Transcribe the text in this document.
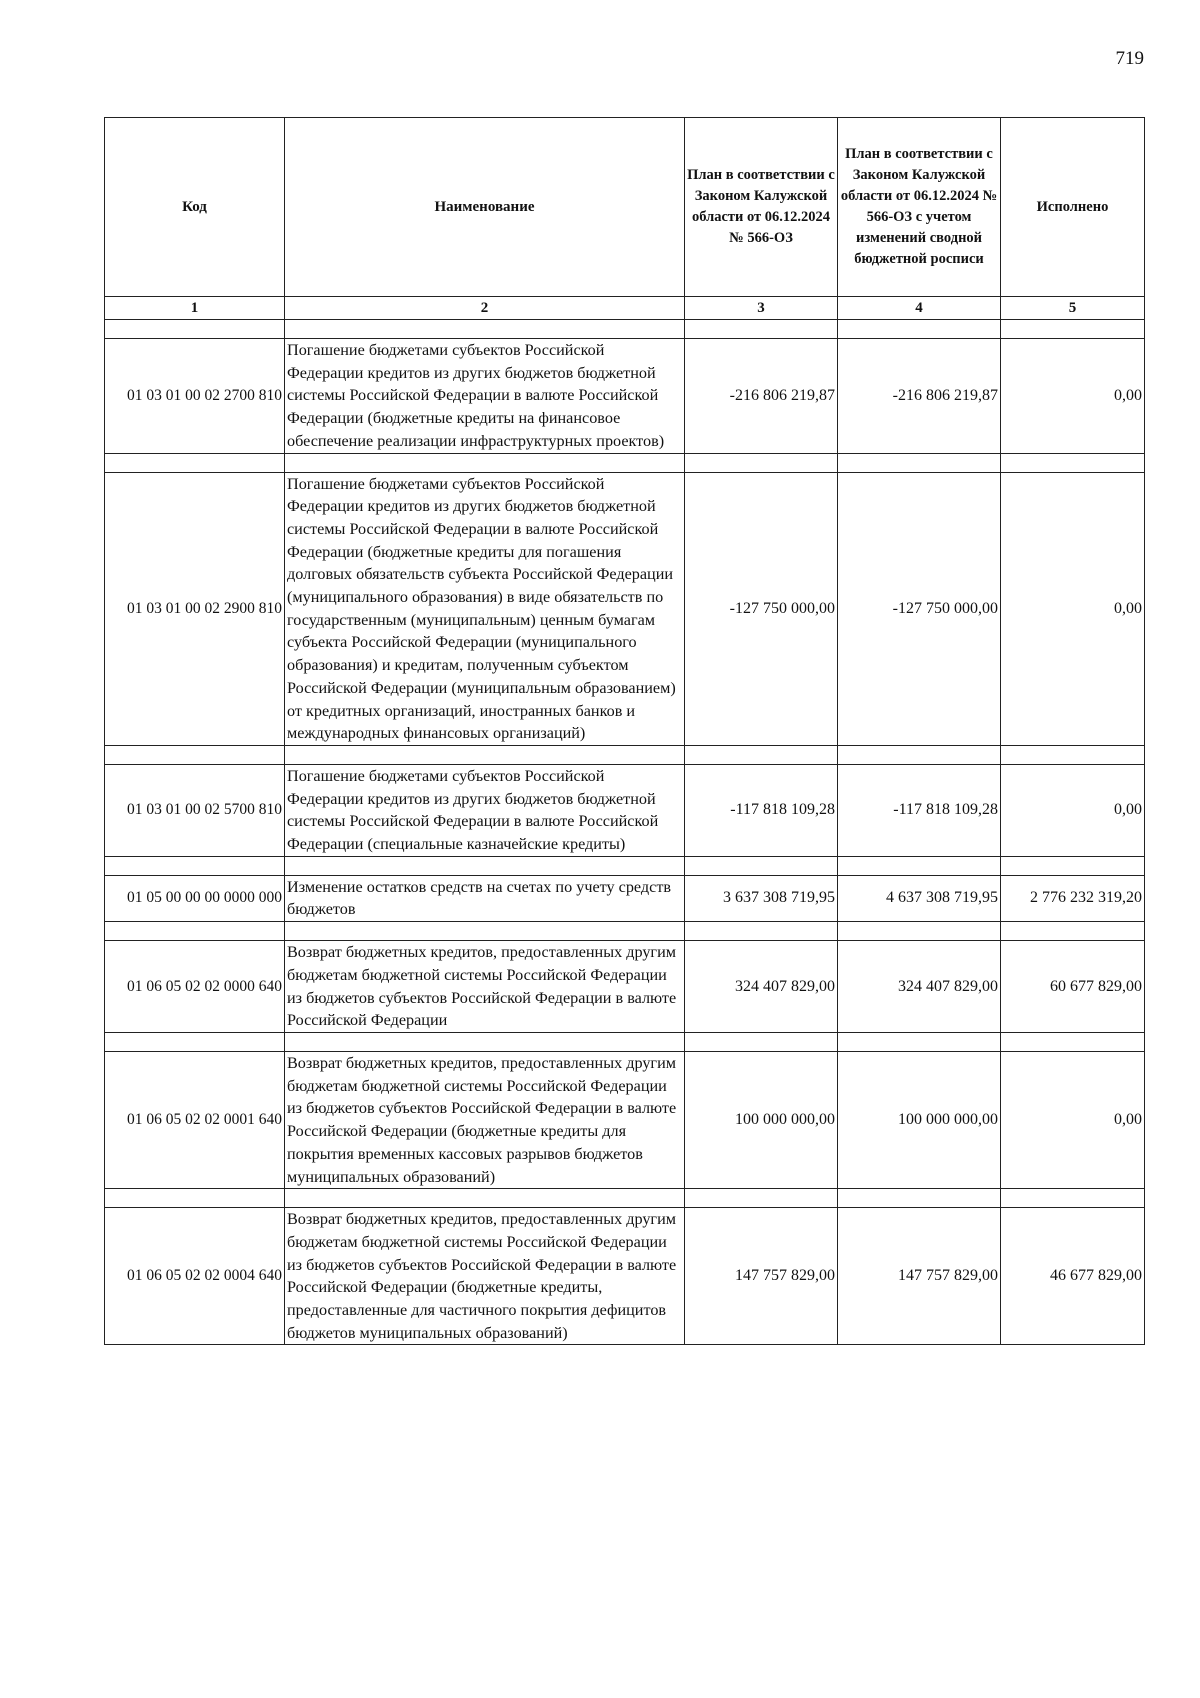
719
Код	Наименование	План в соответствии с Законом Калужской области от 06.12.2024 № 566-ОЗ	План в соответствии с Законом Калужской области от 06.12.2024 № 566-ОЗ с учетом изменений сводной бюджетной росписи	Исполнено
1	2	3	4	5

01 03 01 00 02 2700 810	Погашение бюджетами субъектов Российской Федерации кредитов из других бюджетов бюджетной системы Российской Федерации в валюте Российской Федерации (бюджетные кредиты на финансовое обеспечение реализации инфраструктурных проектов)	-216 806 219,87	-216 806 219,87	0,00

01 03 01 00 02 2900 810	Погашение бюджетами субъектов Российской Федерации кредитов из других бюджетов бюджетной системы Российской Федерации в валюте Российской Федерации (бюджетные кредиты для погашения долговых обязательств субъекта Российской Федерации (муниципального образования) в виде обязательств по государственным (муниципальным) ценным бумагам субъекта Российской Федерации (муниципального образования) и кредитам, полученным субъектом Российской Федерации (муниципальным образованием) от кредитных организаций, иностранных банков и международных финансовых организаций)	-127 750 000,00	-127 750 000,00	0,00

01 03 01 00 02 5700 810	Погашение бюджетами субъектов Российской Федерации кредитов из других бюджетов бюджетной системы Российской Федерации в валюте Российской Федерации (специальные казначейские кредиты)	-117 818 109,28	-117 818 109,28	0,00

01 05 00 00 00 0000 000	Изменение остатков средств на счетах по учету средств бюджетов	3 637 308 719,95	4 637 308 719,95	2 776 232 319,20

01 06 05 02 02 0000 640	Возврат бюджетных кредитов, предоставленных другим бюджетам бюджетной системы Российской Федерации из бюджетов субъектов Российской Федерации в валюте Российской Федерации	324 407 829,00	324 407 829,00	60 677 829,00

01 06 05 02 02 0001 640	Возврат бюджетных кредитов, предоставленных другим бюджетам бюджетной системы Российской Федерации из бюджетов субъектов Российской Федерации в валюте Российской Федерации (бюджетные кредиты для покрытия временных кассовых разрывов бюджетов муниципальных образований)	100 000 000,00	100 000 000,00	0,00

01 06 05 02 02 0004 640	Возврат бюджетных кредитов, предоставленных другим бюджетам бюджетной системы Российской Федерации из бюджетов субъектов Российской Федерации в валюте Российской Федерации (бюджетные кредиты, предоставленные для частичного покрытия дефицитов бюджетов муниципальных образований)	147 757 829,00	147 757 829,00	46 677 829,00
